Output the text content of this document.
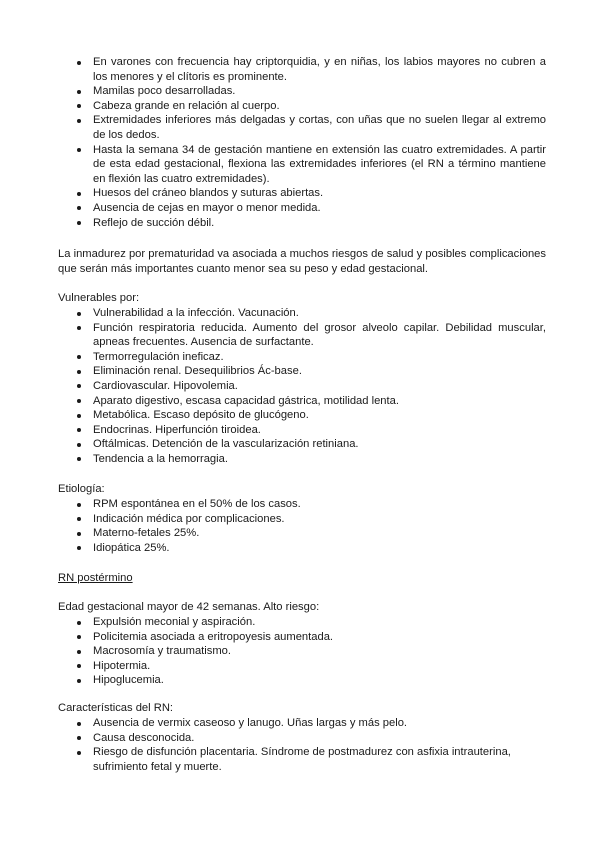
En varones con frecuencia hay criptorquidia, y en niñas, los labios mayores no cubren a los menores y el clítoris es prominente.
Mamilas poco desarrolladas.
Cabeza grande en relación al cuerpo.
Extremidades inferiores más delgadas y cortas, con uñas que no suelen llegar al extremo de los dedos.
Hasta la semana 34 de gestación mantiene en extensión las cuatro extremidades. A partir de esta edad gestacional, flexiona las extremidades inferiores (el RN a término mantiene en flexión las cuatro extremidades).
Huesos del cráneo blandos y suturas abiertas.
Ausencia de cejas en mayor o menor medida.
Reflejo de succión débil.

La inmadurez por prematuridad va asociada a muchos riesgos de salud y posibles complicaciones que serán más importantes cuanto menor sea su peso y edad gestacional.

Vulnerables por:

Vulnerabilidad a la infección. Vacunación.
Función respiratoria reducida. Aumento del grosor alveolo capilar. Debilidad muscular, apneas frecuentes. Ausencia de surfactante.
Termorregulación ineficaz.
Eliminación renal. Desequilibrios Ác-base.
Cardiovascular. Hipovolemia.
Aparato digestivo, escasa capacidad gástrica, motilidad lenta.
Metabólica. Escaso depósito de glucógeno.
Endocrinas. Hiperfunción tiroidea.
Oftálmicas. Detención de la vascularización retiniana.
Tendencia a la hemorragia.

Etiología:

RPM espontánea en el 50% de los casos.
Indicación médica por complicaciones.
Materno-fetales 25%.
Idiopática 25%.

RN postérmino

Edad gestacional mayor de 42 semanas. Alto riesgo:

Expulsión meconial y aspiración.
Policitemia asociada a eritropoyesis aumentada.
Macrosomía y traumatismo.
Hipotermia.
Hipoglucemia.

Características del RN:

Ausencia de vermix caseoso y lanugo. Uñas largas y más pelo.
Causa desconocida.
Riesgo de disfunción placentaria. Síndrome de postmadurez con asfixia intrauterina, sufrimiento fetal y muerte.
